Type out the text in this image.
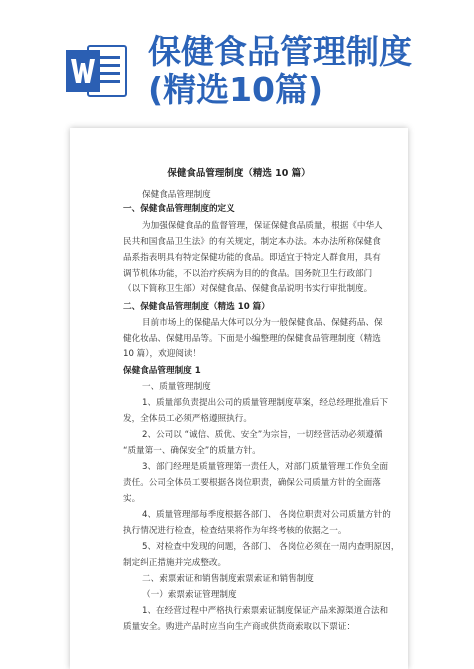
保健食品管理制度
(精选10篇)
保健食品管理制度（精选 10 篇）

保健食品管理制度

一、保健食品管理制度的定义

为加强保健食品的监督管理，保证保健食品质量，根据《中华人

民共和国食品卫生法》的有关规定，制定本办法。本办法所称保健食

品系指表明具有特定保健功能的食品。即适宜于特定人群食用，具有

调节机体功能，不以治疗疾病为目的的食品。国务院卫生行政部门

（以下简称卫生部）对保健食品、保健食品说明书实行审批制度。

二、保健食品管理制度（精选 10 篇）

目前市场上的保健品大体可以分为一般保健食品、保健药品、保

健化妆品、保健用品等。下面是小编整理的保健食品管理制度（精选

10 篇），欢迎阅读！

保健食品管理制度 1

一、质量管理制度

1、质量部负责提出公司的质量管理制度草案，经总经理批准后下

发，全体员工必须严格遵照执行。

2、公司以 “诚信、质优、安全”为宗旨，一切经营活动必须遵循

“质量第一、确保安全”的质量方针。

3、部门经理是质量管理第一责任人，对部门质量管理工作负全面

责任。公司全体员工要根据各岗位职责，确保公司质量方针的全面落

实。

4、质量管理部每季度根据各部门、 各岗位职责对公司质量方针的

执行情况进行检查，检查结果将作为年终考核的依据之一。

5、对检查中发现的问题，各部门、 各岗位必须在一周内查明原因，

制定纠正措施并完成整改。

二、索票索证和销售制度索票索证和销售制度

（一）索票索证管理制度

1、在经营过程中严格执行索票索证制度保证产品来源渠道合法和

质量安全。购进产品时应当向生产商或供货商索取以下票证：
